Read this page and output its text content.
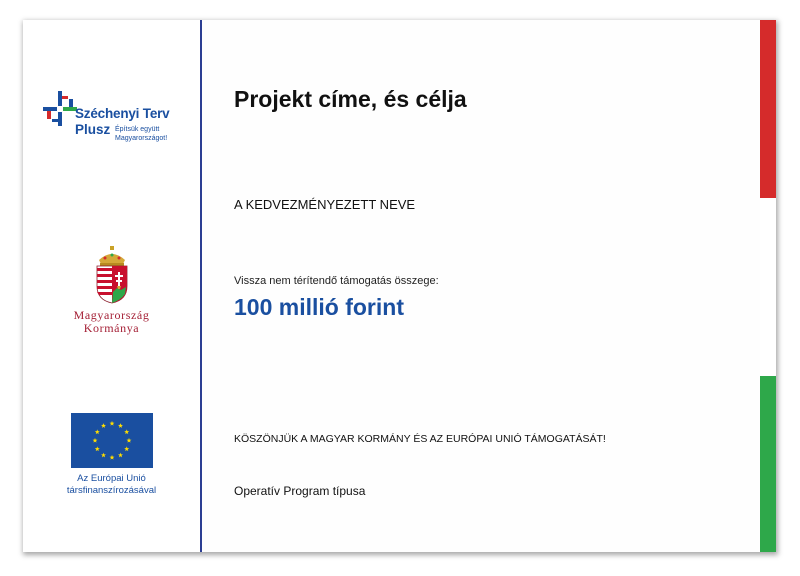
Széchenyi Terv
Plusz Építsük együtt
Magyarországot!
Magyarország
Kormánya
Az Európai Unió
társfinanszírozásával
Projekt címe, és célja
A KEDVEZMÉNYEZETT NEVE
Vissza nem térítendő támogatás összege:
100 millió forint
KÖSZÖNJÜK A MAGYAR KORMÁNY ÉS AZ EURÓPAI UNIÓ TÁMOGATÁSÁT!
Operatív Program típusa
